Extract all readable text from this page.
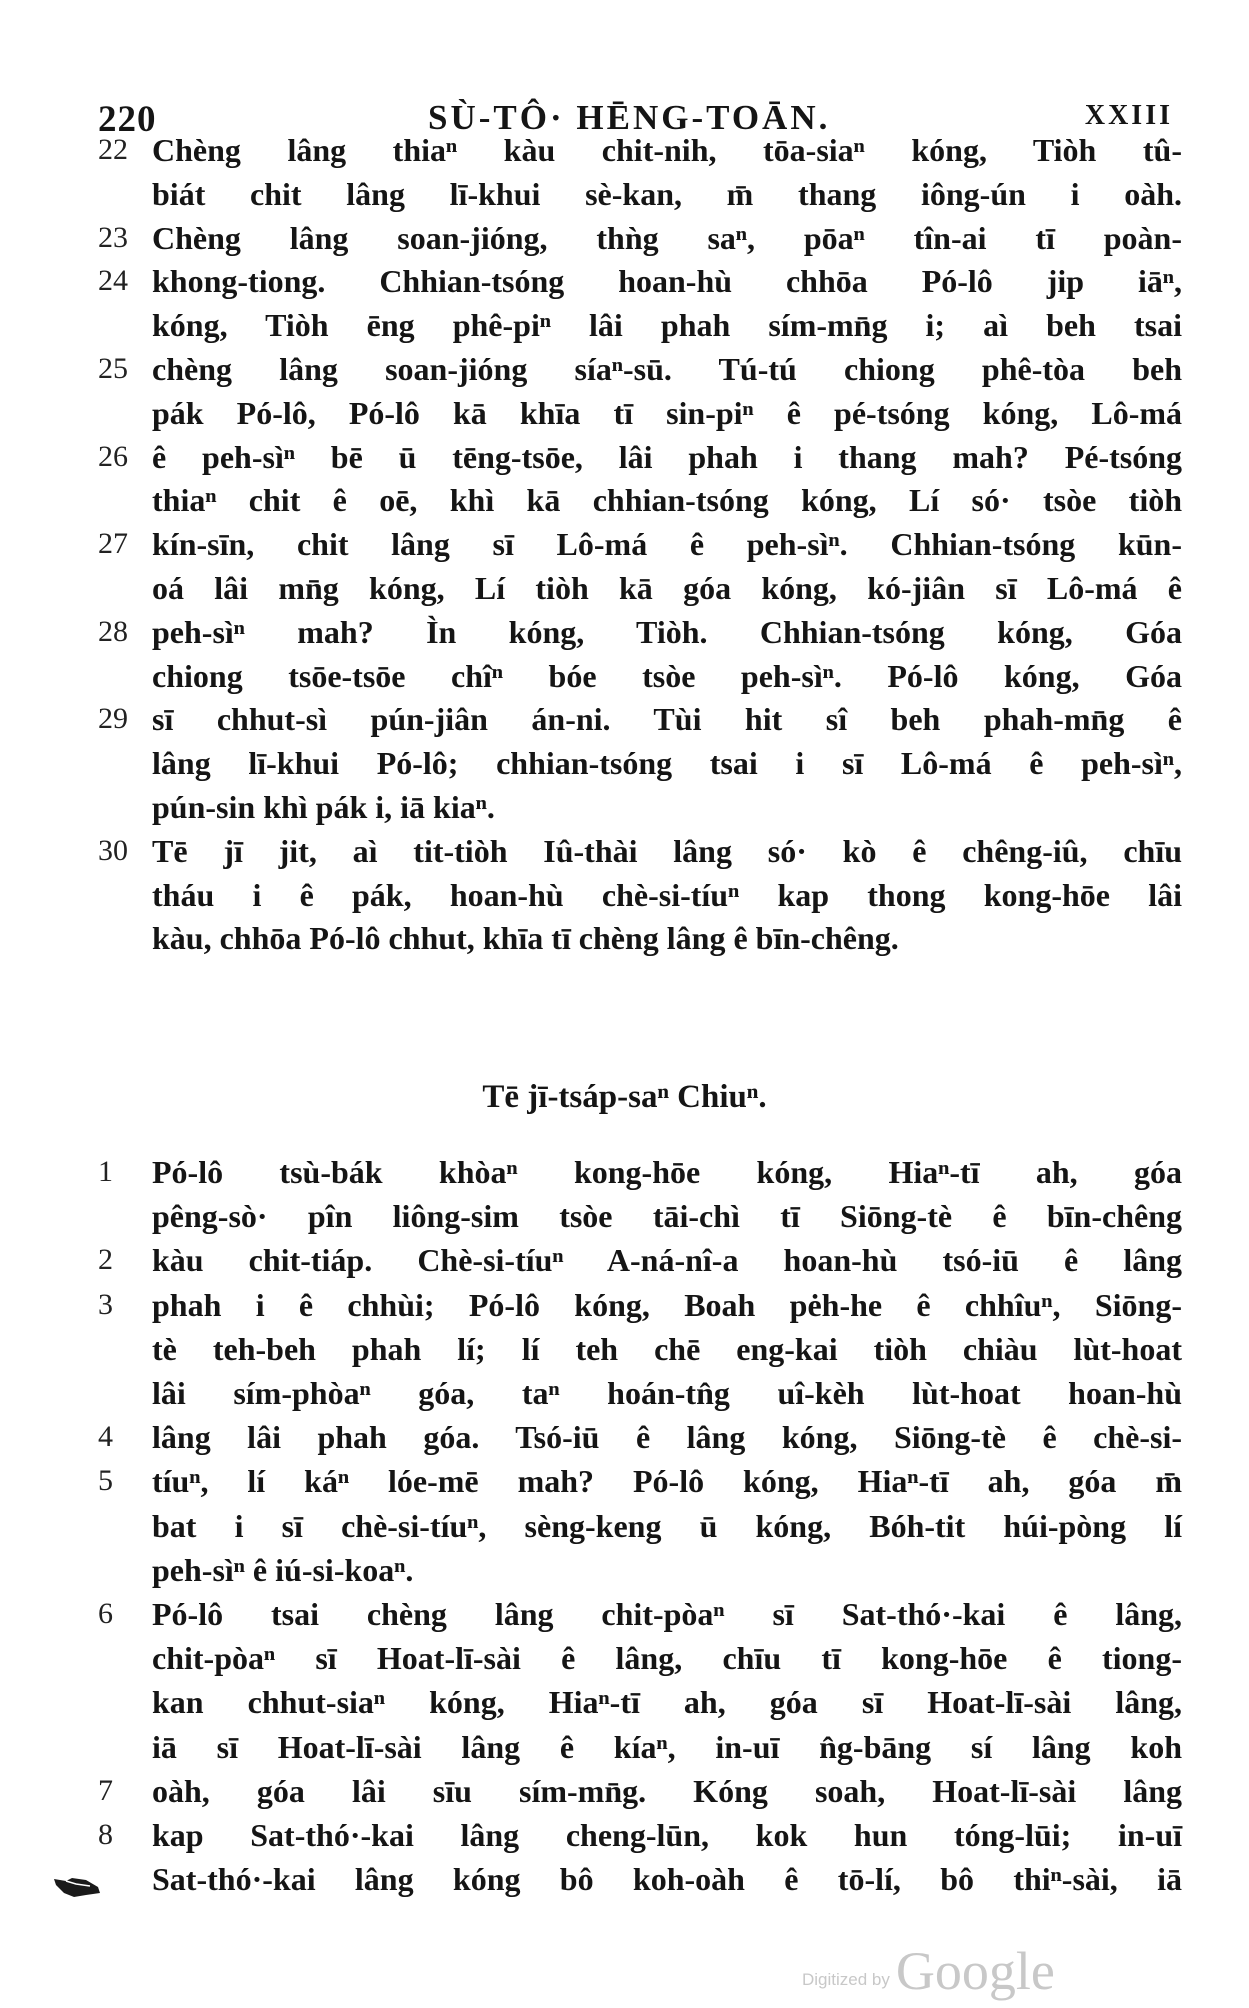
220	SÙ-TÔ· HĒNG-TOĀN.	XXIII
22 Chèng lâng thiaⁿ kàu chit-nih, tōa-siaⁿ kóng, Tiòh tû-
biát chit lâng lī-khui sè-kan, m̄ thang iông-ún i oàh.
23 Chèng lâng soan-jióng, thǹg saⁿ, pōaⁿ tîn-ai tī poàn-
24 khong-tiong. Chhian-tsóng hoan-hù chhōa Pó-lô jip iāⁿ,
kóng, Tiòh ēng phê-piⁿ lâi phah sím-mn̄g i; aì beh tsai
25 chèng lâng soan-jióng síaⁿ-sū. Tú-tú chiong phê-tòa beh
pák Pó-lô, Pó-lô kā khīa tī sin-piⁿ ê pé-tsóng kóng, Lô-má
26 ê peh-sìⁿ bē ū tēng-tsōe, lâi phah i thang mah? Pé-tsóng
thiaⁿ chit ê oē, khì kā chhian-tsóng kóng, Lí só· tsòe tiòh
27 kín-sīn, chit lâng sī Lô-má ê peh-sìⁿ. Chhian-tsóng kūn-
oá lâi mn̄g kóng, Lí tiòh kā góa kóng, kó-jiân sī Lô-má ê
28 peh-sìⁿ mah? Ìn kóng, Tiòh. Chhian-tsóng kóng, Góa
chiong tsōe-tsōe chîⁿ bóe tsòe peh-sìⁿ. Pó-lô kóng, Góa
29 sī chhut-sì pún-jiân án-ni. Tùi hit sî beh phah-mn̄g ê
lâng lī-khui Pó-lô; chhian-tsóng tsai i sī Lô-má ê peh-sìⁿ,
pún-sin khì pák i, iā kiaⁿ.
30 Tē jī jit, aì tit-tiòh Iû-thài lâng só· kò ê chêng-iû, chīu
tháu i ê pák, hoan-hù chè-si-tíuⁿ kap thong kong-hōe lâi
kàu, chhōa Pó-lô chhut, khīa tī chèng lâng ê bīn-chêng.
Tē jī-tsáp-saⁿ Chiuⁿ.
1	Pó-lô tsù-bák khòaⁿ kong-hōe kóng, Hiaⁿ-tī ah, góa
pêng-sò· pîn liông-sim tsòe tāi-chì tī Siōng-tè ê bīn-chêng
2	kàu chit-tiáp. Chè-si-tíuⁿ A-ná-nî-a hoan-hù tsó-iū ê lâng
3	phah i ê chhùi; Pó-lô kóng, Boah pėh-he ê chhîuⁿ, Siōng-
tè teh-beh phah lí; lí teh chē eng-kai tiòh chiàu lùt-hoat
lâi sím-phòaⁿ góa, taⁿ hoán-tn̂g uî-kèh lùt-hoat hoan-hù
4	lâng lâi phah góa. Tsó-iū ê lâng kóng, Siōng-tè ê chè-si-
5	tíuⁿ, lí káⁿ lóe-mē mah? Pó-lô kóng, Hiaⁿ-tī ah, góa m̄
bat i sī chè-si-tíuⁿ, sèng-keng ū kóng, Bóh-tit húi-pòng lí
peh-sìⁿ ê iú-si-koaⁿ.
6	Pó-lô tsai chèng lâng chit-pòaⁿ sī Sat-thó·-kai ê lâng,
chit-pòaⁿ sī Hoat-lī-sài ê lâng, chīu tī kong-hōe ê tiong-
kan chhut-siaⁿ kóng, Hiaⁿ-tī ah, góa sī Hoat-lī-sài lâng,
iā sī Hoat-lī-sài lâng ê kíaⁿ, in-uī n̂g-bāng sí lâng koh
7	oàh, góa lâi sīu sím-mn̄g. Kóng soah, Hoat-lī-sài lâng
8	kap Sat-thó·-kai lâng cheng-lūn, kok hun tóng-lūi; in-uī
Sat-thó·-kai lâng kóng bô koh-oàh ê tō-lí, bô thiⁿ-sài, iā
Digitized by Google
